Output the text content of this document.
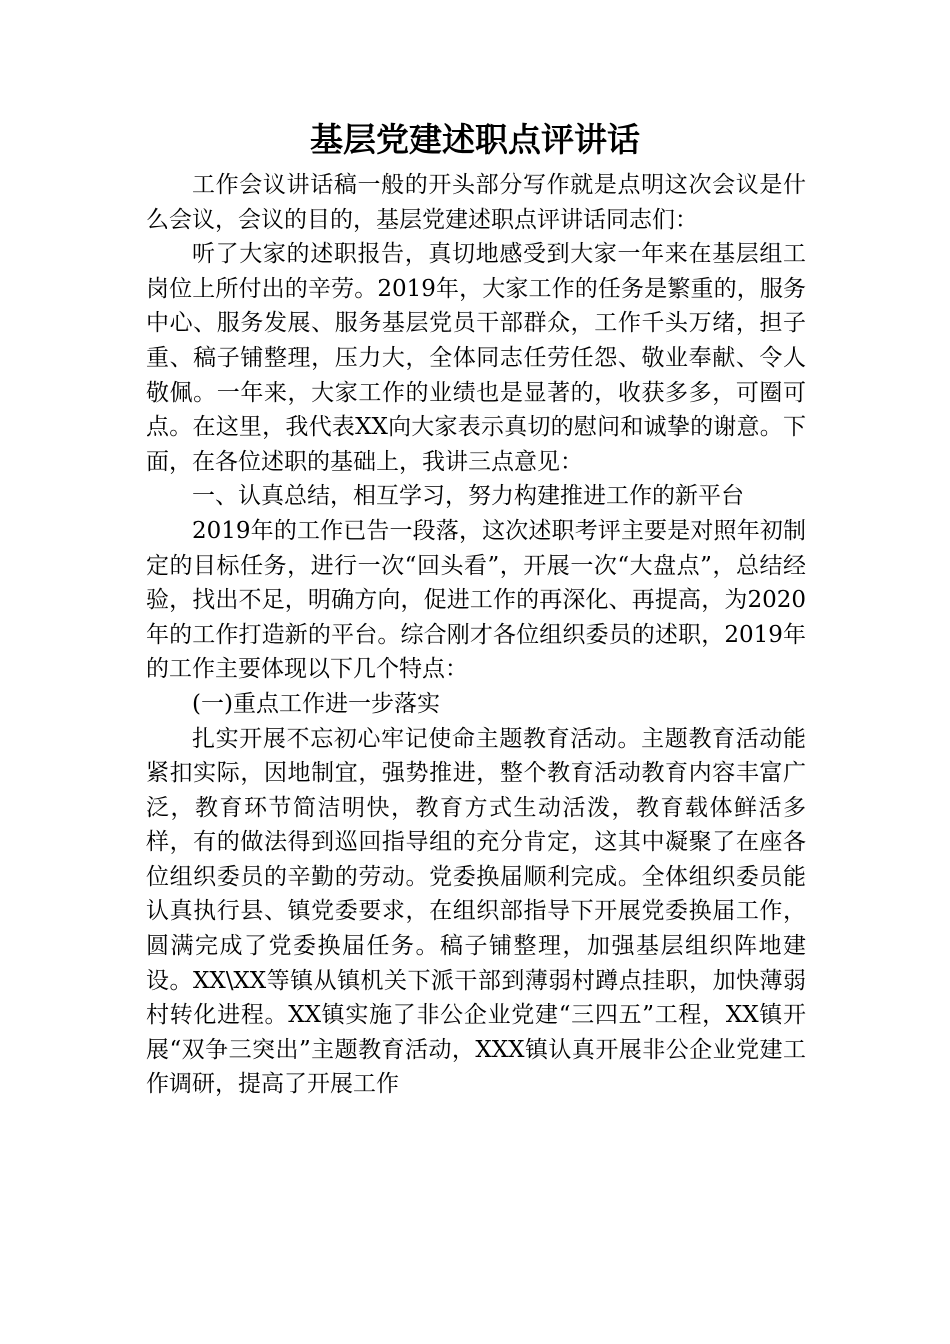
基层党建述职点评讲话

工作会议讲话稿一般的开头部分写作就是点明这次会议是什么会议，会议的目的，基层党建述职点评讲话同志们：

听了大家的述职报告，真切地感受到大家一年来在基层组工岗位上所付出的辛劳。2019年，大家工作的任务是繁重的，服务中心、服务发展、服务基层党员干部群众，工作千头万绪，担子重、稿子铺整理，压力大，全体同志任劳任怨、敬业奉献、令人敬佩。一年来，大家工作的业绩也是显著的，收获多多，可圈可点。在这里，我代表XX向大家表示真切的慰问和诚挚的谢意。下面，在各位述职的基础上，我讲三点意见：

一、认真总结，相互学习，努力构建推进工作的新平台

2019年的工作已告一段落，这次述职考评主要是对照年初制定的目标任务，进行一次“回头看”，开展一次“大盘点”，总结经验，找出不足，明确方向，促进工作的再深化、再提高，为2020年的工作打造新的平台。综合刚才各位组织委员的述职，2019年的工作主要体现以下几个特点：

(一)重点工作进一步落实

扎实开展不忘初心牢记使命主题教育活动。主题教育活动能紧扣实际，因地制宜，强势推进，整个教育活动教育内容丰富广泛，教育环节简洁明快，教育方式生动活泼，教育载体鲜活多样，有的做法得到巡回指导组的充分肯定，这其中凝聚了在座各位组织委员的辛勤的劳动。党委换届顺利完成。全体组织委员能认真执行县、镇党委要求，在组织部指导下开展党委换届工作，圆满完成了党委换届任务。稿子铺整理，加强基层组织阵地建设。XX\XX等镇从镇机关下派干部到薄弱村蹲点挂职，加快薄弱村转化进程。XX镇实施了非公企业党建“三四五”工程，XX镇开展“双争三突出”主题教育活动，XXX镇认真开展非公企业党建工作调研，提高了开展工作
